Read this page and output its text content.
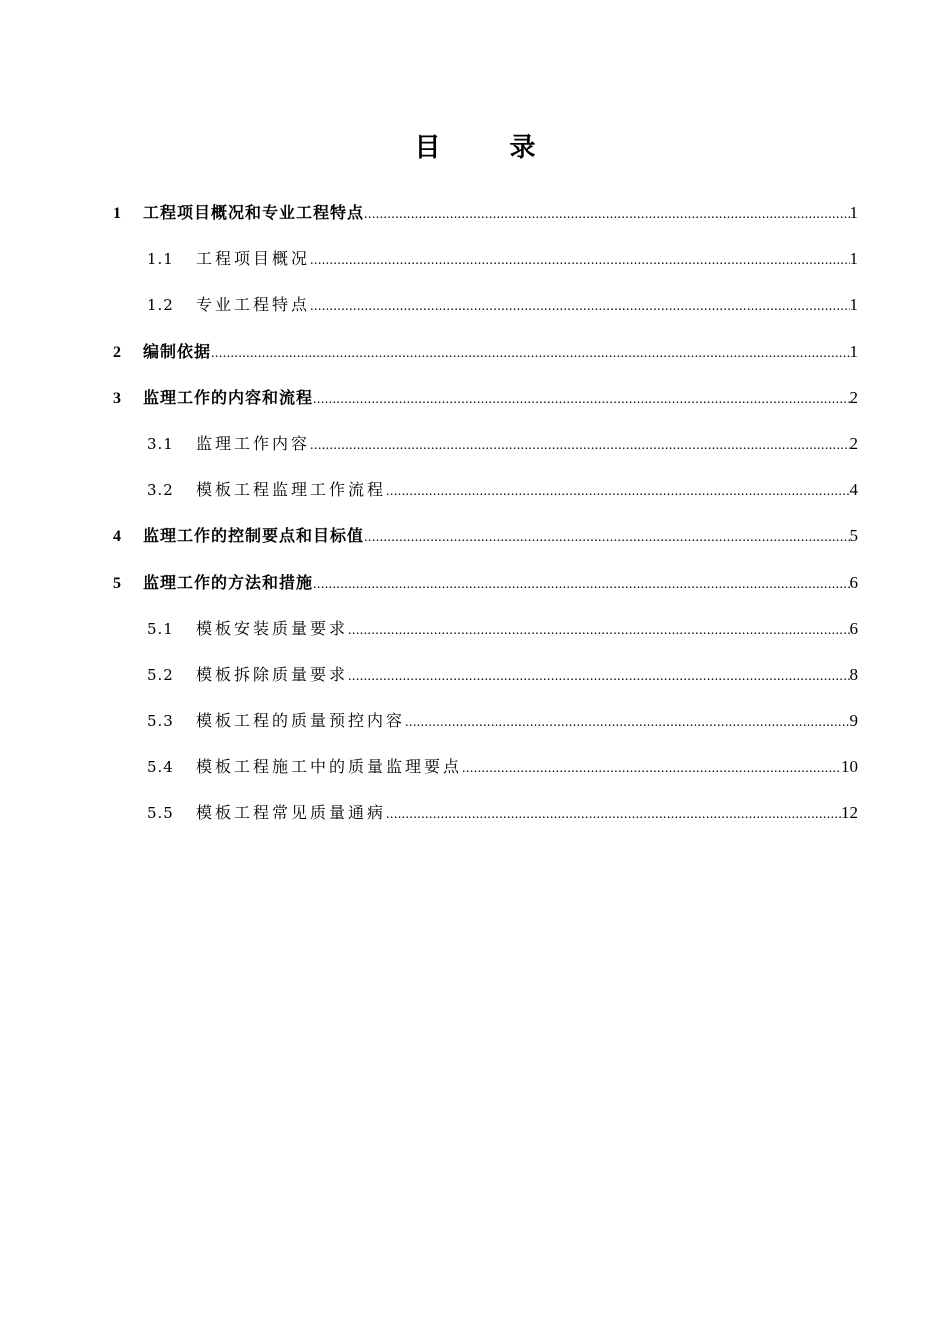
目 录
1	工程项目概况和专业工程特点 .....	1
1.1	工程项目概况 .....	1
1.2	专业工程特点 .....	1
2	编制依据 .....	1
3	监理工作的内容和流程 .....	2
3.1	监理工作内容 .....	2
3.2	模板工程监理工作流程 .....	4
4	监理工作的控制要点和目标值 .....	5
5	监理工作的方法和措施 .....	6
5.1	模板安装质量要求 .....	6
5.2	模板拆除质量要求 .....	8
5.3	模板工程的质量预控内容 .....	9
5.4	模板工程施工中的质量监理要点 .....	10
5.5	模板工程常见质量通病 .....	12
